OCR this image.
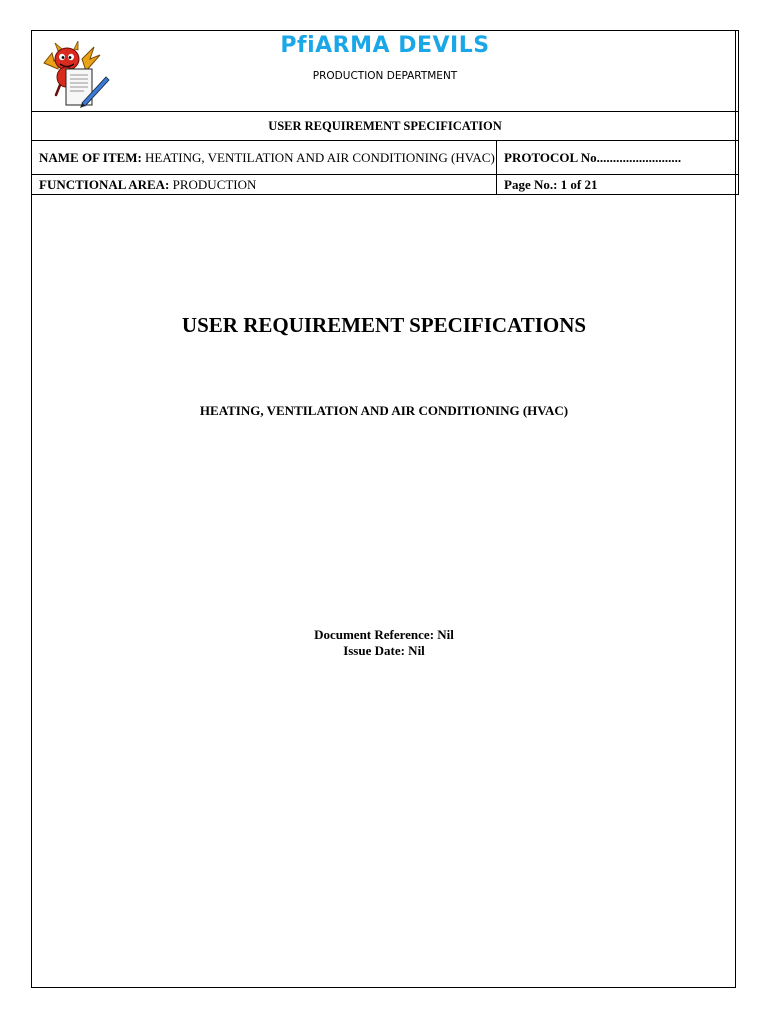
PfiARMA DEVILS
PRODUCTION DEPARTMENT	

USER REQUIREMENT SPECIFICATION	
NAME OF ITEM: HEATING, VENTILATION AND AIR CONDITIONING (HVAC)	PROTOCOL No..........................
FUNCTIONAL AREA: PRODUCTION	Page No.: 1 of 21
USER REQUIREMENT SPECIFICATIONS
HEATING, VENTILATION AND AIR CONDITIONING (HVAC)
Document Reference: Nil
Issue Date: Nil
